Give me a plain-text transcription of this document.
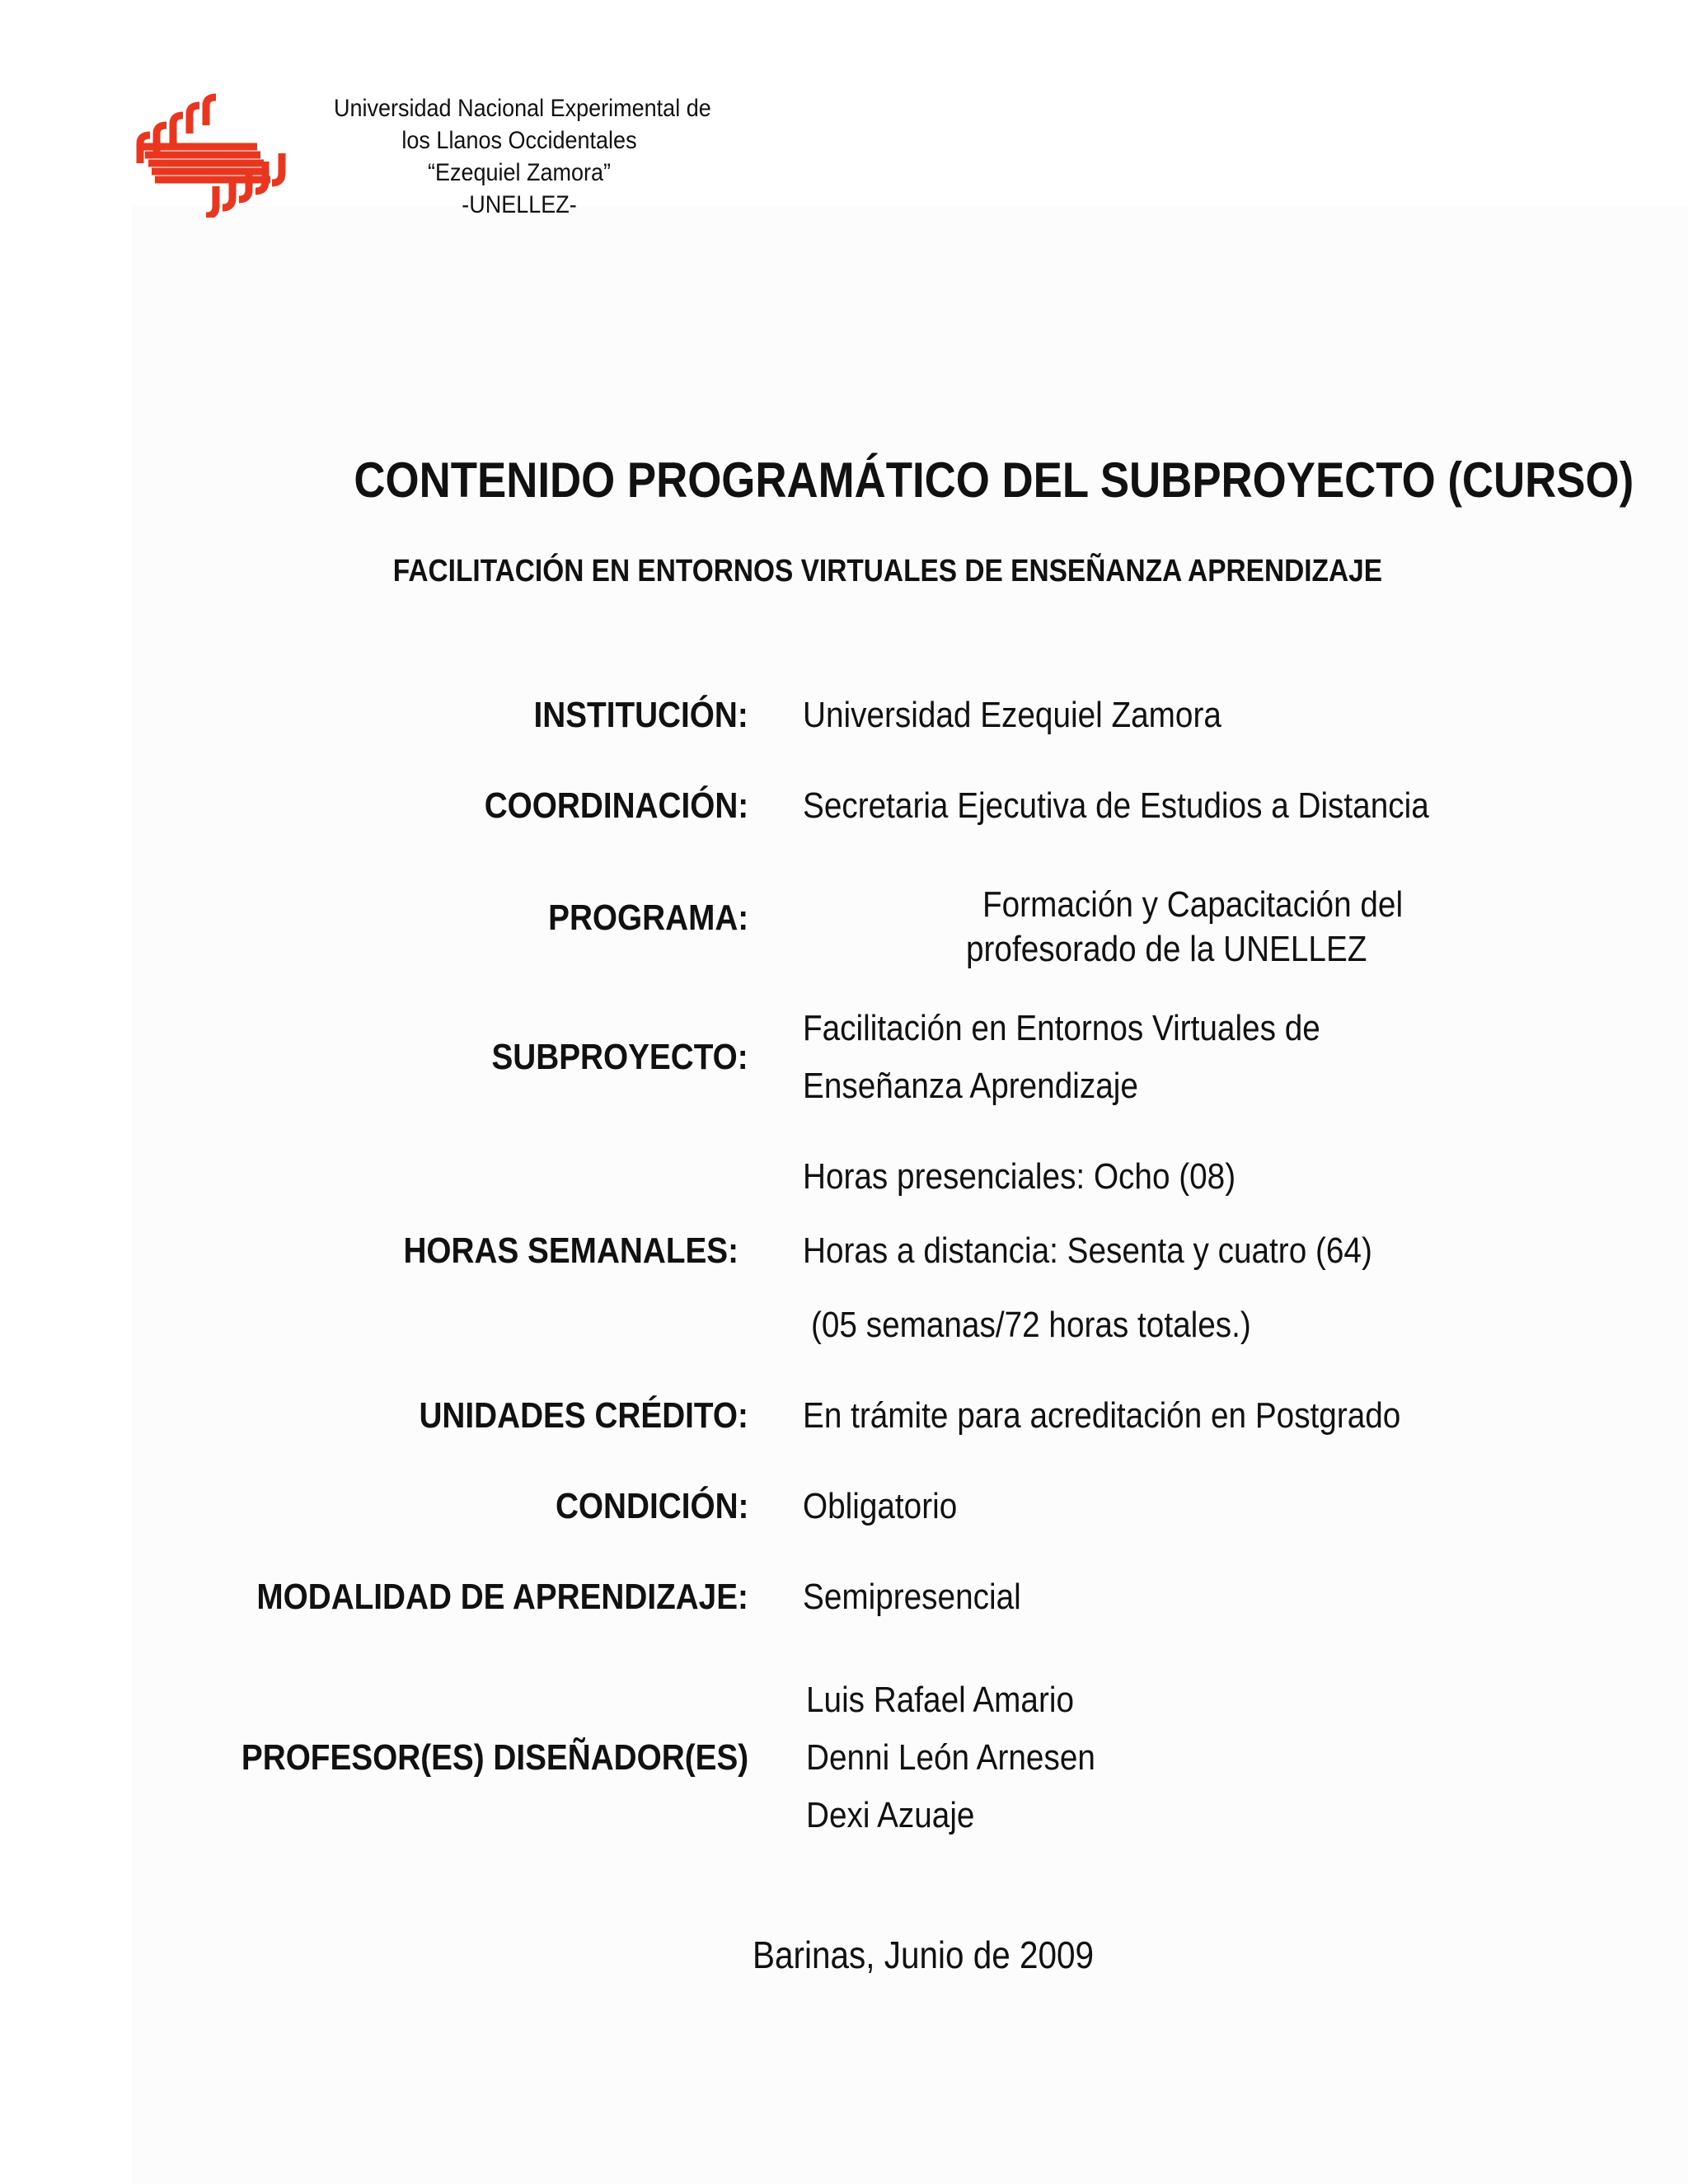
Universidad Nacional Experimental de
los Llanos Occidentales
“Ezequiel Zamora”
-UNELLEZ-
CONTENIDO PROGRAMÁTICO DEL SUBPROYECTO (CURSO)
FACILITACIÓN EN ENTORNOS VIRTUALES DE ENSEÑANZA APRENDIZAJE
INSTITUCIÓN: Universidad Ezequiel Zamora
COORDINACIÓN: Secretaria Ejecutiva de Estudios a Distancia
PROGRAMA:	Formación y Capacitación del
profesorado de la UNELLEZ
SUBPROYECTO:
Facilitación en Entornos Virtuales de
Enseñanza Aprendizaje
HORAS SEMANALES:
Horas presenciales: Ocho (08)
Horas a distancia: Sesenta y cuatro (64)
(05 semanas/72 horas totales.)
UNIDADES CRÉDITO: En trámite para acreditación en Postgrado
CONDICIÓN: Obligatorio
MODALIDAD DE APRENDIZAJE: Semipresencial
PROFESOR(ES) DISEÑADOR(ES)
Luis Rafael Amario
Denni León Arnesen
Dexi Azuaje
Barinas, Junio de 2009
